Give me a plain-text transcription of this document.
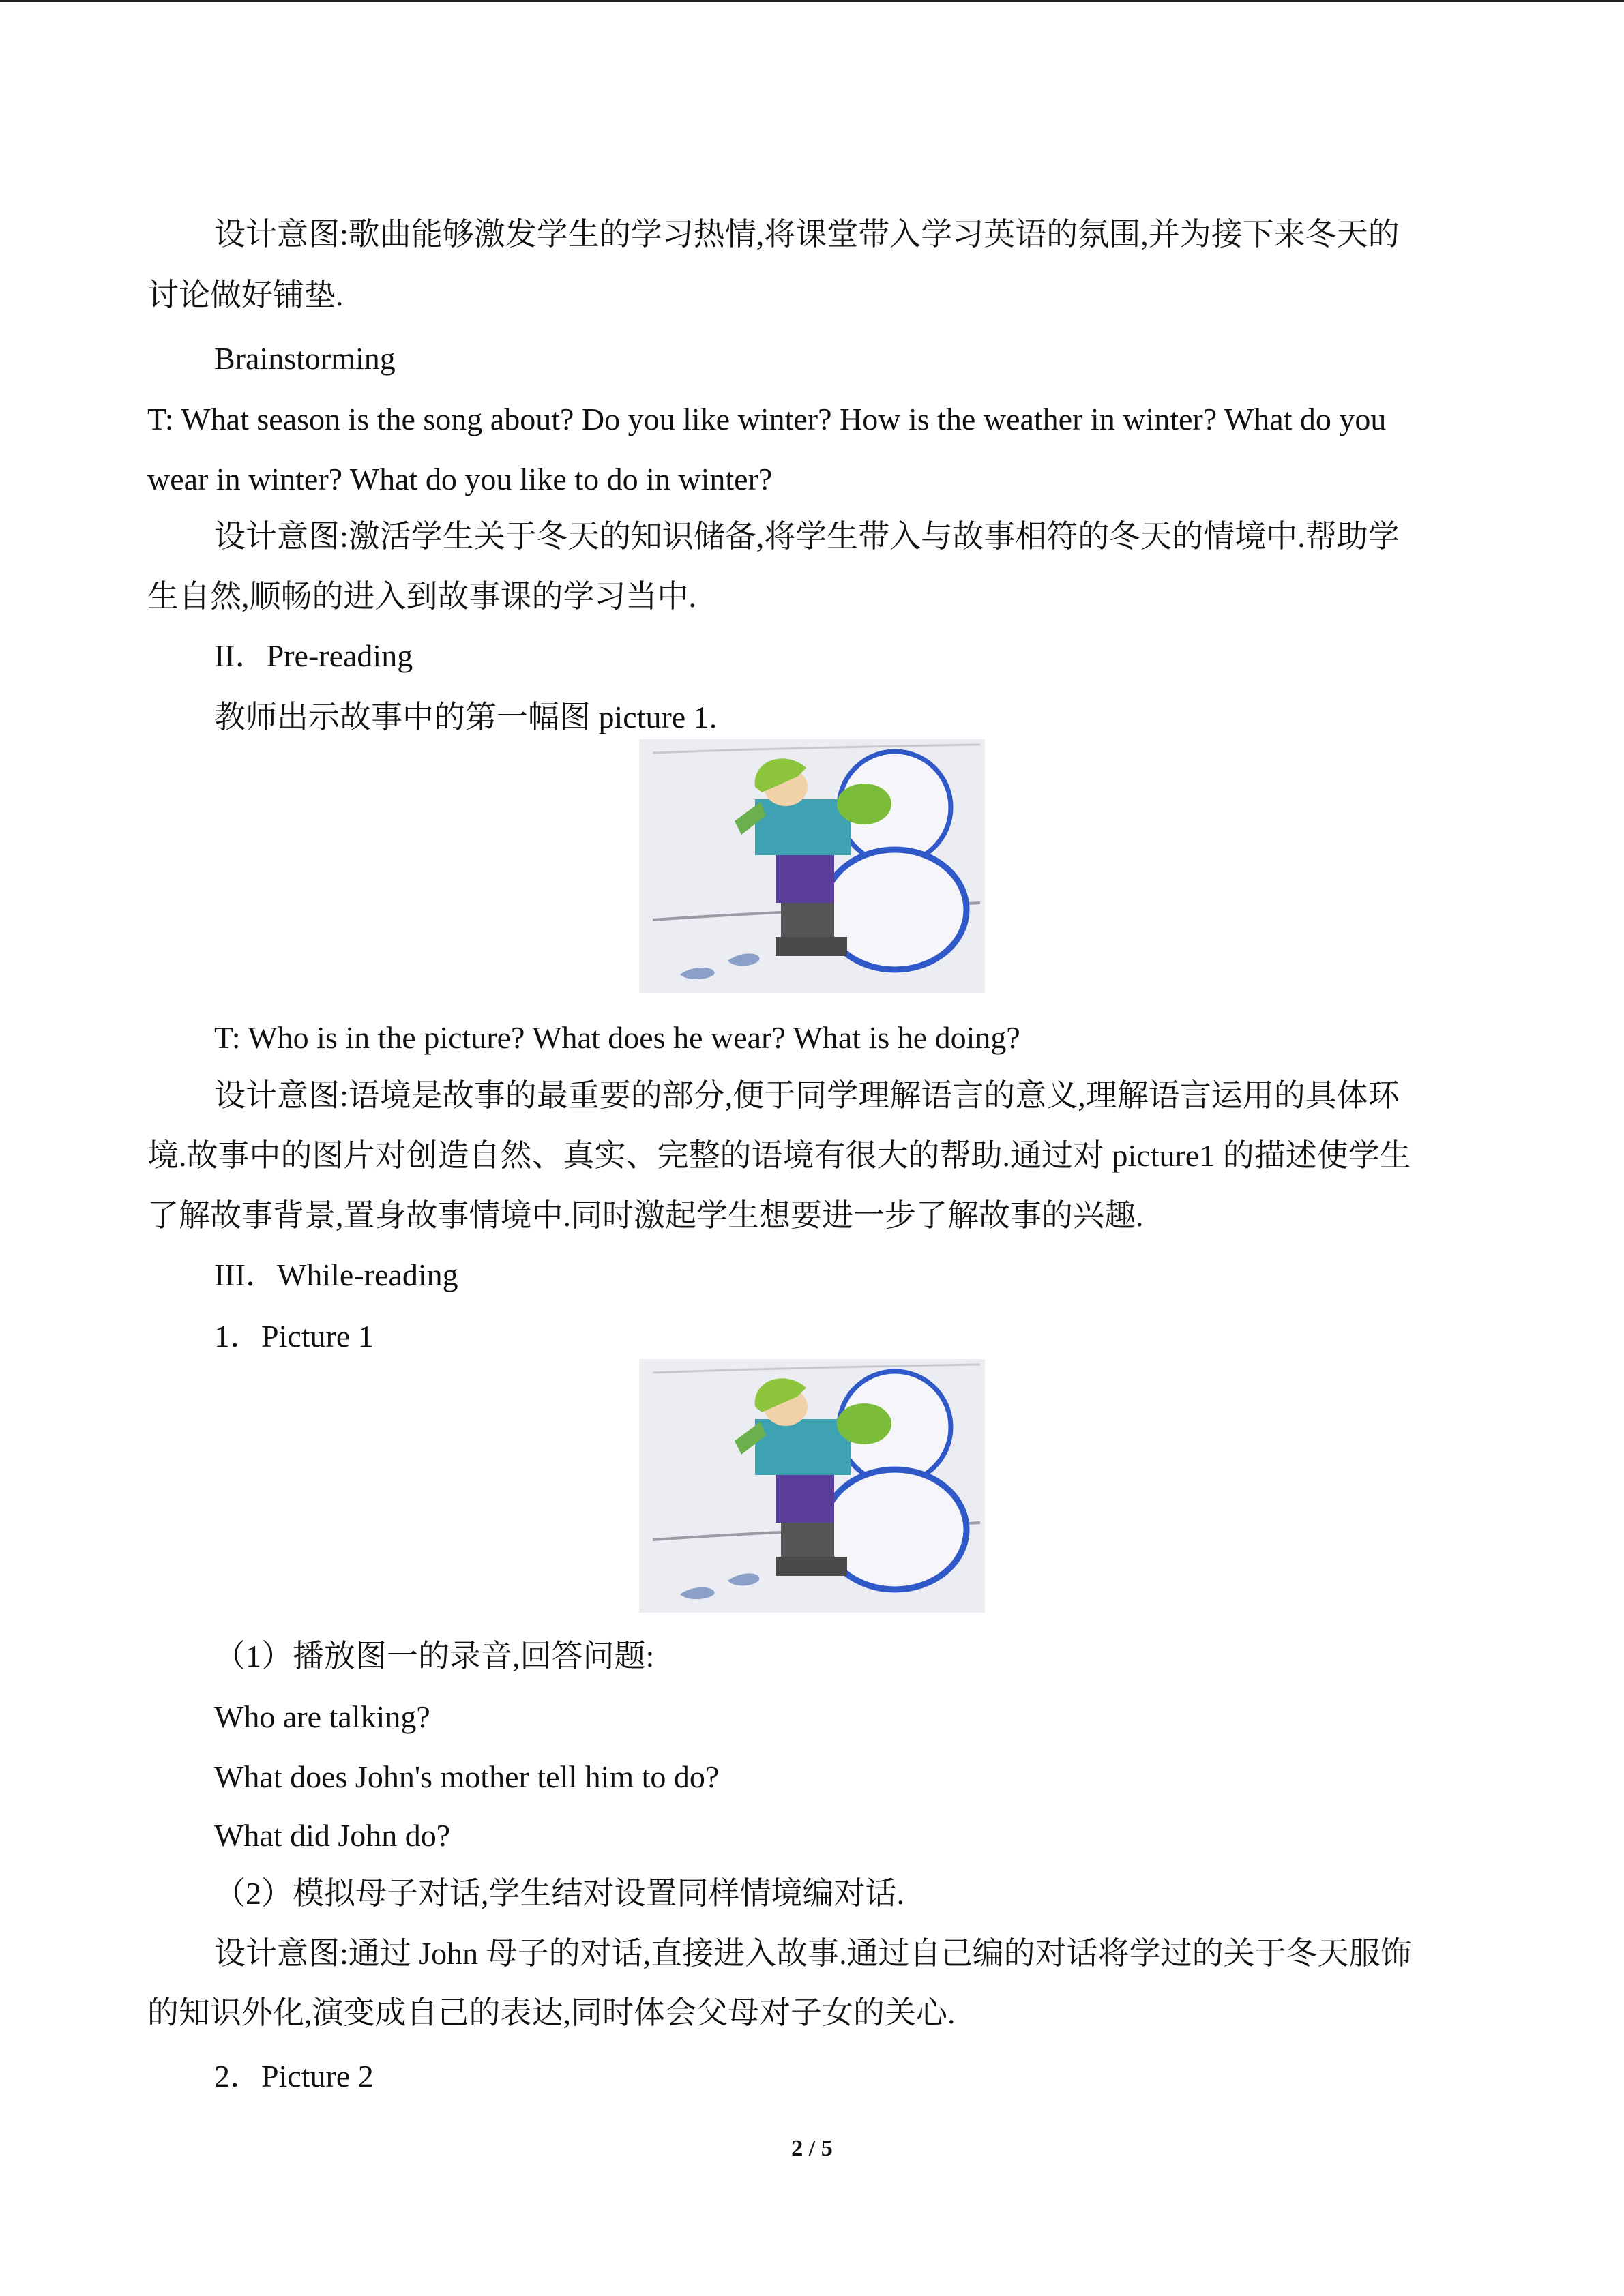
设计意图:歌曲能够激发学生的学习热情,将课堂带入学习英语的氛围,并为接下来冬天的
讨论做好铺垫.
Brainstorming
T: What season is the song about? Do you like winter? How is the weather in winter? What do you
wear in winter? What do you like to do in winter?
设计意图:激活学生关于冬天的知识储备,将学生带入与故事相符的冬天的情境中.帮助学
生自然,顺畅的进入到故事课的学习当中.
II．Pre-reading
教师出示故事中的第一幅图 picture 1.
T: Who is in the picture? What does he wear? What is he doing?
设计意图:语境是故事的最重要的部分,便于同学理解语言的意义,理解语言运用的具体环
境.故事中的图片对创造自然、真实、完整的语境有很大的帮助.通过对 picture1 的描述使学生
了解故事背景,置身故事情境中.同时激起学生想要进一步了解故事的兴趣.
III．While-reading
1．Picture 1
（1）播放图一的录音,回答问题:
Who are talking?
What does John's mother tell him to do?
What did John do?
（2）模拟母子对话,学生结对设置同样情境编对话.
设计意图:通过 John 母子的对话,直接进入故事.通过自己编的对话将学过的关于冬天服饰
的知识外化,演变成自己的表达,同时体会父母对子女的关心.
2．Picture 2
2 / 5
